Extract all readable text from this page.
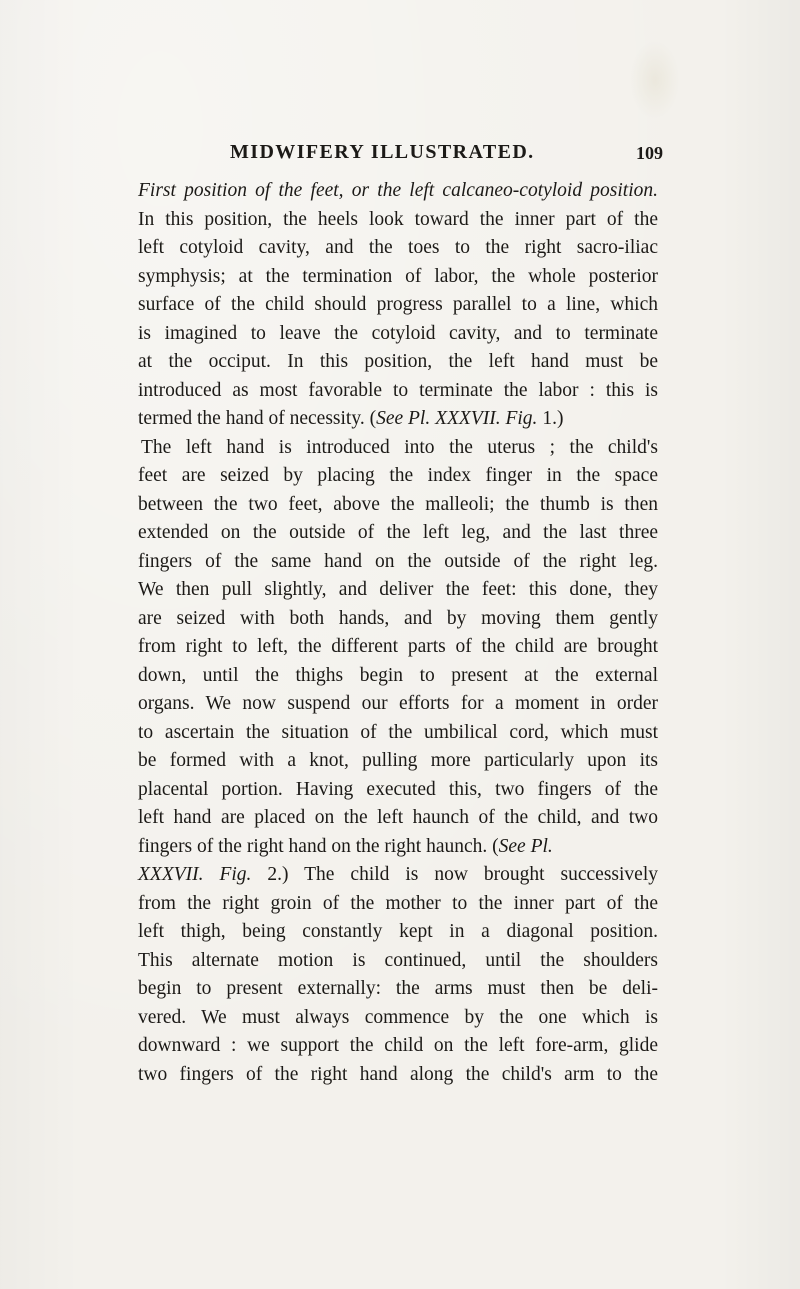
MIDWIFERY ILLUSTRATED.	109
First position of the feet, or the left calcaneo-cotyloid position.
In this position, the heels look toward the inner part of the
left cotyloid cavity, and the toes to the right sacro-iliac
symphysis; at the termination of labor, the whole posterior
surface of the child should progress parallel to a line, which
is imagined to leave the cotyloid cavity, and to terminate
at the occiput. In this position, the left hand must be
introduced as most favorable to terminate the labor : this is
termed the hand of necessity. (See Pl. XXXVII. Fig. 1.)
The left hand is introduced into the uterus ; the child's
feet are seized by placing the index finger in the space
between the two feet, above the malleoli; the thumb is then
extended on the outside of the left leg, and the last three
fingers of the same hand on the outside of the right leg.
We then pull slightly, and deliver the feet: this done, they
are seized with both hands, and by moving them gently
from right to left, the different parts of the child are brought
down, until the thighs begin to present at the external
organs. We now suspend our efforts for a moment in order
to ascertain the situation of the umbilical cord, which must
be formed with a knot, pulling more particularly upon its
placental portion. Having executed this, two fingers of the
left hand are placed on the left haunch of the child, and two
fingers of the right hand on the right haunch. (See Pl.
XXXVII. Fig. 2.) The child is now brought successively
from the right groin of the mother to the inner part of the
left thigh, being constantly kept in a diagonal position.
This alternate motion is continued, until the shoulders
begin to present externally: the arms must then be deli-
vered. We must always commence by the one which is
downward : we support the child on the left fore-arm, glide
two fingers of the right hand along the child's arm to the
